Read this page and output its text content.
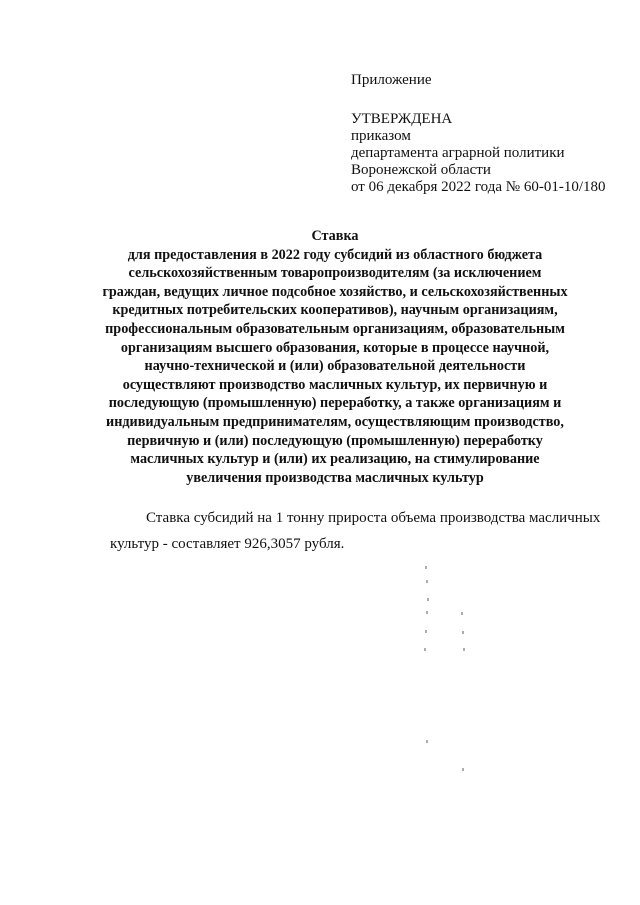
Приложение
УТВЕРЖДЕНА
приказом
департамента аграрной политики
Воронежской области
от 06 декабря 2022 года № 60-01-10/180
Ставка
для предоставления в 2022 году субсидий из областного бюджета
сельскохозяйственным товаропроизводителям (за исключением
граждан, ведущих личное подсобное хозяйство, и сельскохозяйственных
кредитных потребительских кооперативов), научным организациям,
профессиональным образовательным организациям, образовательным
организациям высшего образования, которые в процессе научной,
научно-технической и (или) образовательной деятельности
осуществляют производство масличных культур, их первичную и
последующую (промышленную) переработку, а также организациям и
индивидуальным предпринимателям, осуществляющим производство,
первичную и (или) последующую (промышленную) переработку
масличных культур и (или) их реализацию, на стимулирование
увеличения производства масличных культур
Ставка субсидий на 1 тонну прироста объема производства масличных
культур - составляет 926,3057 рубля.
